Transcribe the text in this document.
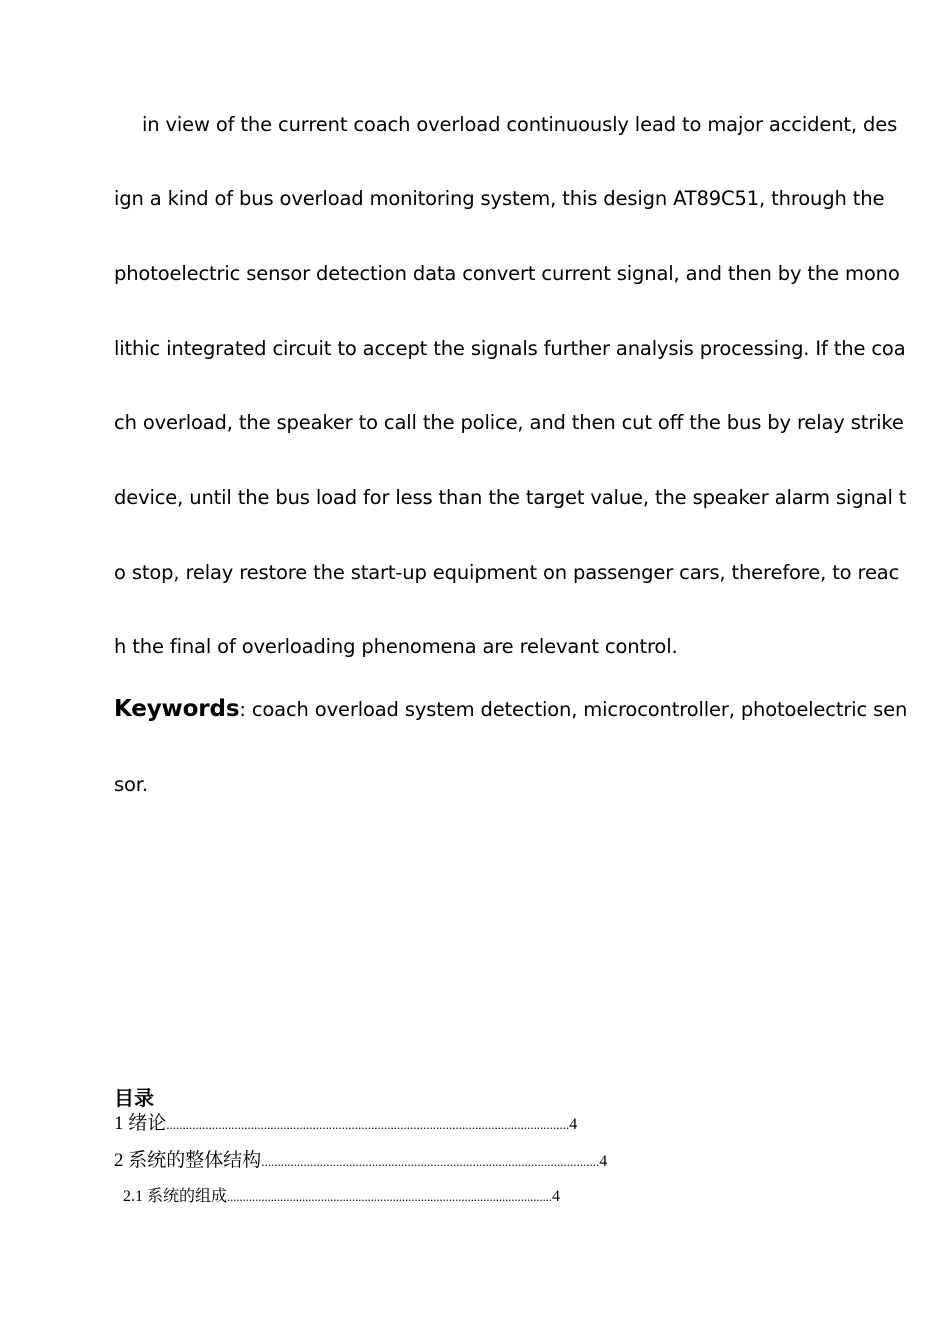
in view of the current coach overload continuously lead to major accident, des
ign a kind of bus overload monitoring system, this design AT89C51, through the
photoelectric sensor detection data convert current signal, and then by the mono
lithic integrated circuit to accept the signals further analysis processing. If the coa
ch overload, the speaker to call the police, and then cut off the bus by relay strike
device, until the bus load for less than the target value, the speaker alarm signal t
o stop, relay restore the start-up equipment on passenger cars, therefore, to reac
h the final of overloading phenomena are relevant control.
Keywords: coach overload system detection, microcontroller, photoelectric sen
sor.
目录
1 绪论............................................................................................................................4
2 系统的整体结构........................................................................................................4
2.1 系统的组成........................................................................................................4
